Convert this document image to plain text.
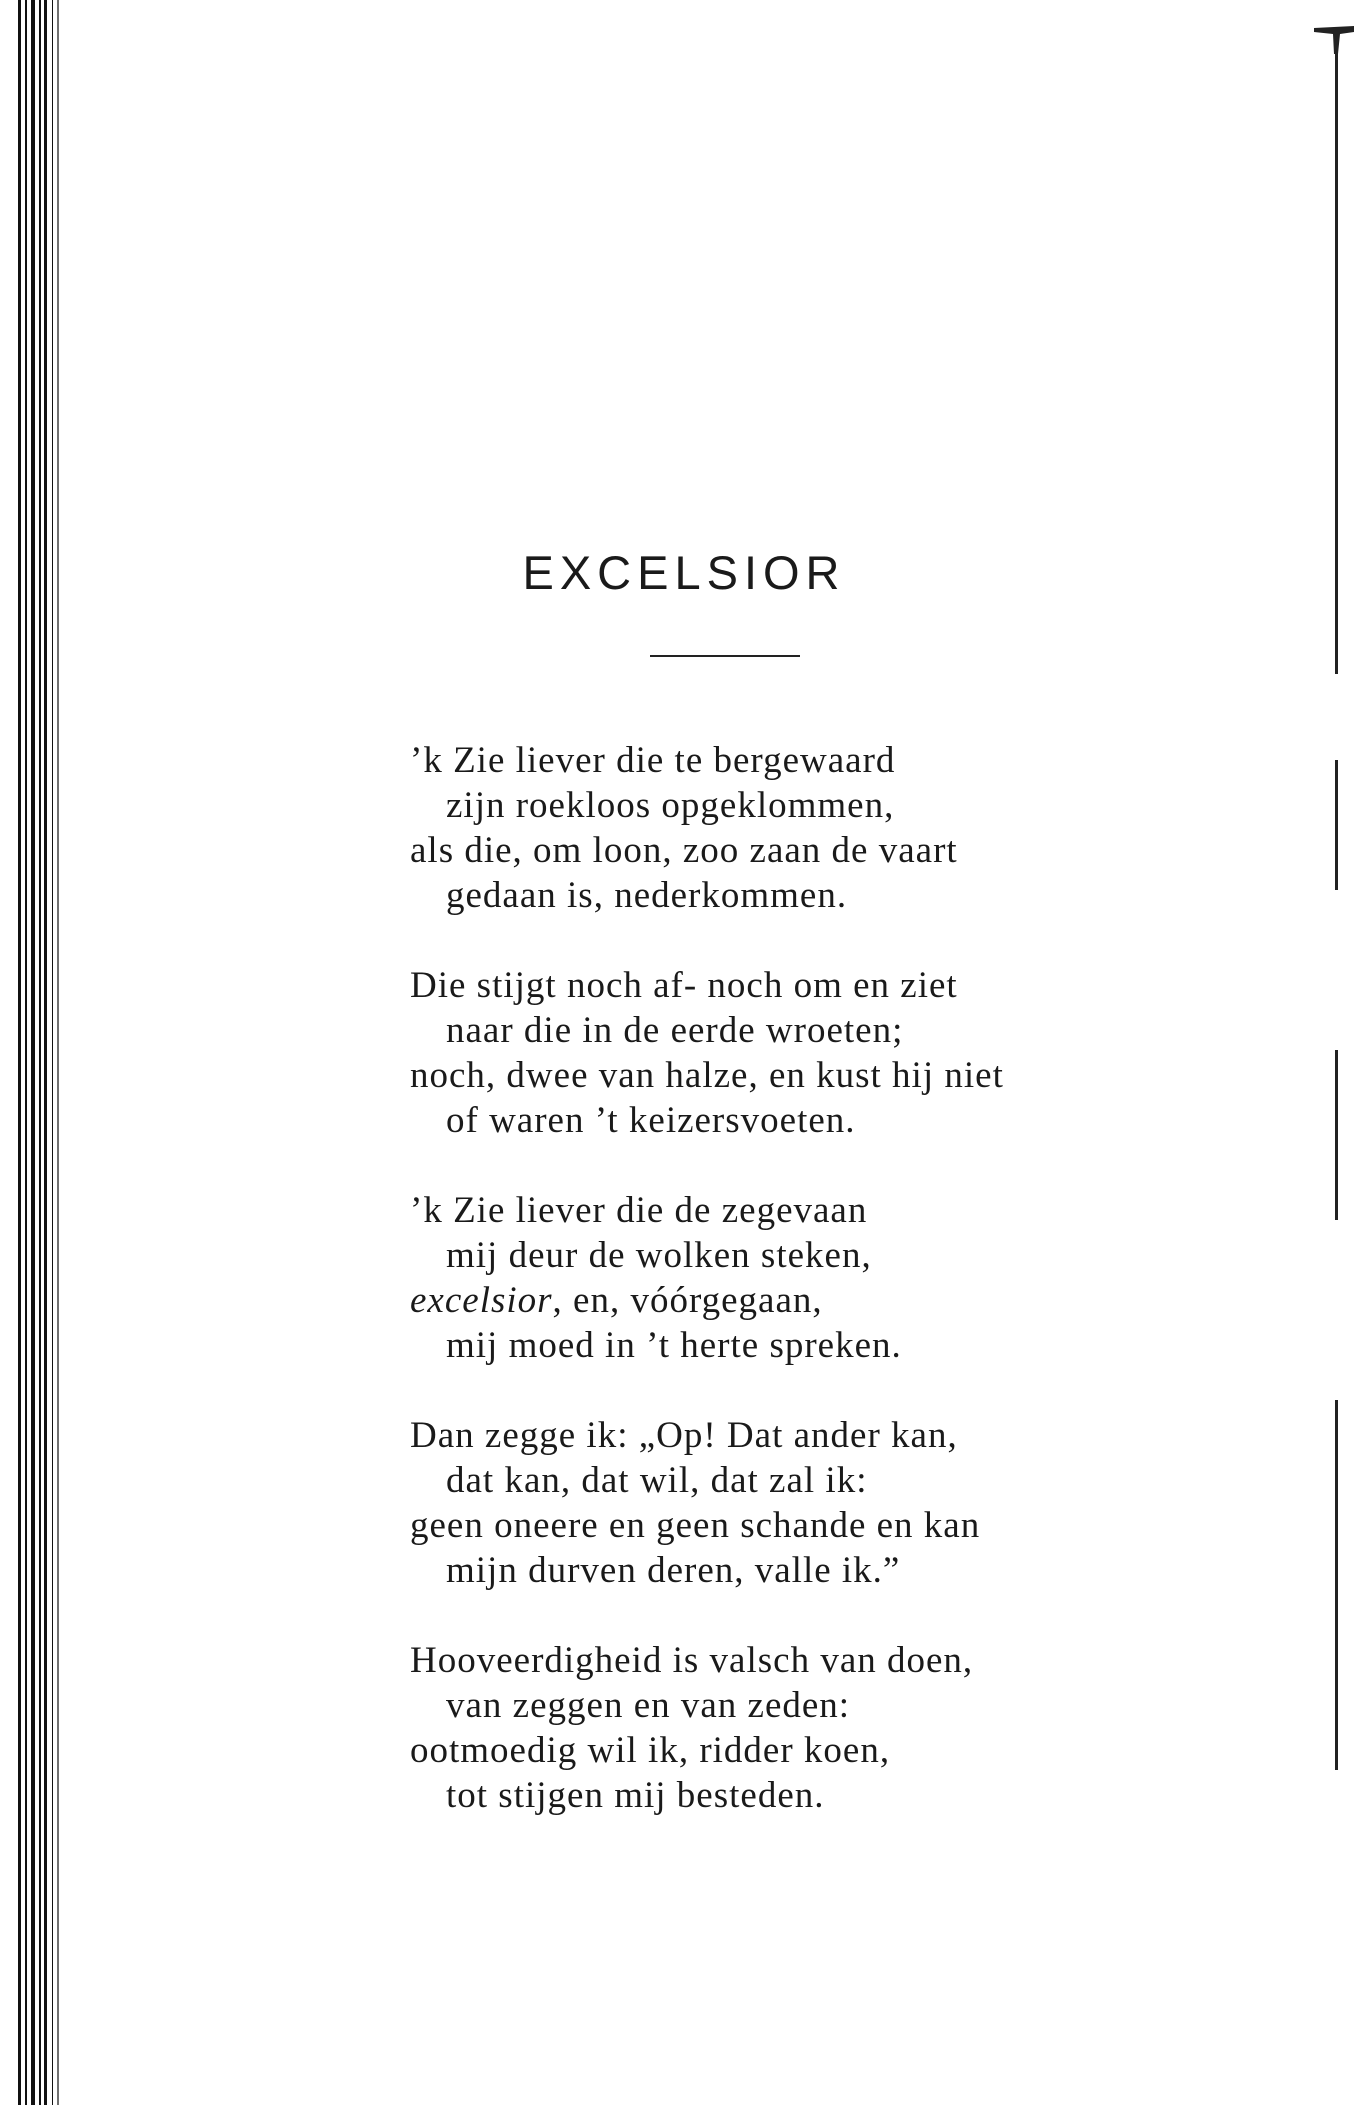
EXCELSIOR
’k Zie liever die te bergewaard
zijn roekloos opgeklommen,
als die, om loon, zoo zaan de vaart
gedaan is, nederkommen.
Die stijgt noch af- noch om en ziet
naar die in de eerde wroeten;
noch, dwee van halze, en kust hij niet
of waren ’t keizersvoeten.
’k Zie liever die de zegevaan
mij deur de wolken steken,
excelsior, en, vóórgegaan,
mij moed in ’t herte spreken.
Dan zegge ik: „Op! Dat ander kan,
dat kan, dat wil, dat zal ik:
geen oneere en geen schande en kan
mijn durven deren, valle ik.”
Hooveerdigheid is valsch van doen,
van zeggen en van zeden:
ootmoedig wil ik, ridder koen,
tot stijgen mij besteden.
